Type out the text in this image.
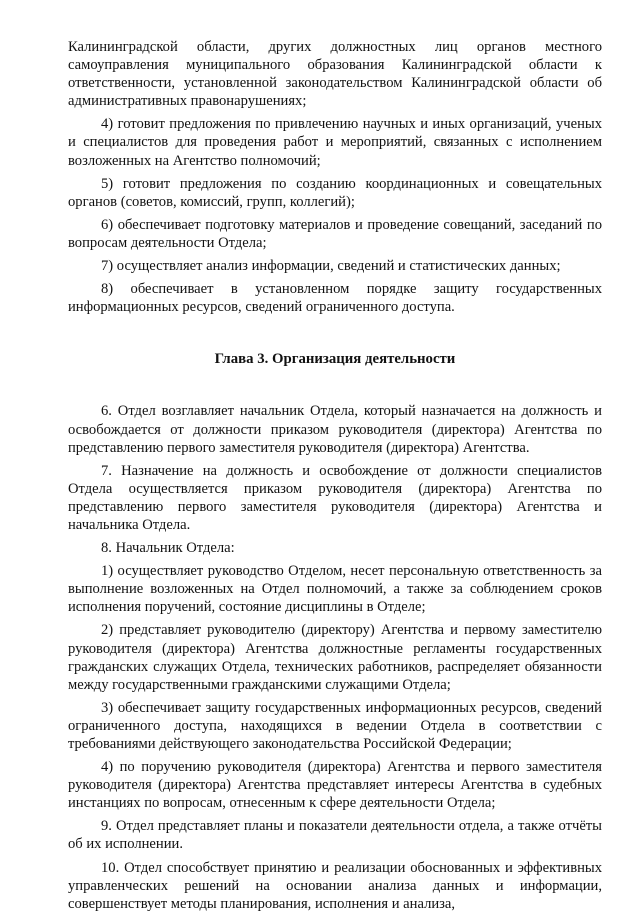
Калининградской области, других должностных лиц органов местного самоуправления муниципального образования Калининградской области к ответственности, установленной законодательством Калининградской области об административных правонарушениях;

4) готовит предложения по привлечению научных и иных организаций, ученых и специалистов для проведения работ и мероприятий, связанных с исполнением возложенных на Агентство полномочий;

5) готовит предложения по созданию координационных и совещательных органов (советов, комиссий, групп, коллегий);

6) обеспечивает подготовку материалов и проведение совещаний, заседаний по вопросам деятельности Отдела;

7) осуществляет анализ информации, сведений и статистических данных;

8) обеспечивает в установленном порядке защиту государственных информационных ресурсов, сведений ограниченного доступа.

Глава 3. Организация деятельности

6. Отдел возглавляет начальник Отдела, который назначается на должность и освобождается от должности приказом руководителя (директора) Агентства по представлению первого заместителя руководителя (директора) Агентства.

7. Назначение на должность и освобождение от должности специалистов Отдела осуществляется приказом руководителя (директора) Агентства по представлению первого заместителя руководителя (директора) Агентства и начальника Отдела.

8. Начальник Отдела:

1) осуществляет руководство Отделом, несет персональную ответственность за выполнение возложенных на Отдел полномочий, а также за соблюдением сроков исполнения поручений, состояние дисциплины в Отделе;

2) представляет руководителю (директору) Агентства и первому заместителю руководителя (директора) Агентства должностные регламенты государственных гражданских служащих Отдела, технических работников, распределяет обязанности между государственными гражданскими служащими Отдела;

3) обеспечивает защиту государственных информационных ресурсов, сведений ограниченного доступа, находящихся в ведении Отдела в соответствии с требованиями действующего законодательства Российской Федерации;

4) по поручению руководителя (директора) Агентства и первого заместителя руководителя (директора) Агентства представляет интересы Агентства в судебных инстанциях по вопросам, отнесенным к сфере деятельности Отдела;

9. Отдел представляет планы и показатели деятельности отдела, а также отчёты об их исполнении.

10. Отдел способствует принятию и реализации обоснованных и эффективных управленческих решений на основании анализа данных и информации, совершенствует методы планирования, исполнения и анализа,
